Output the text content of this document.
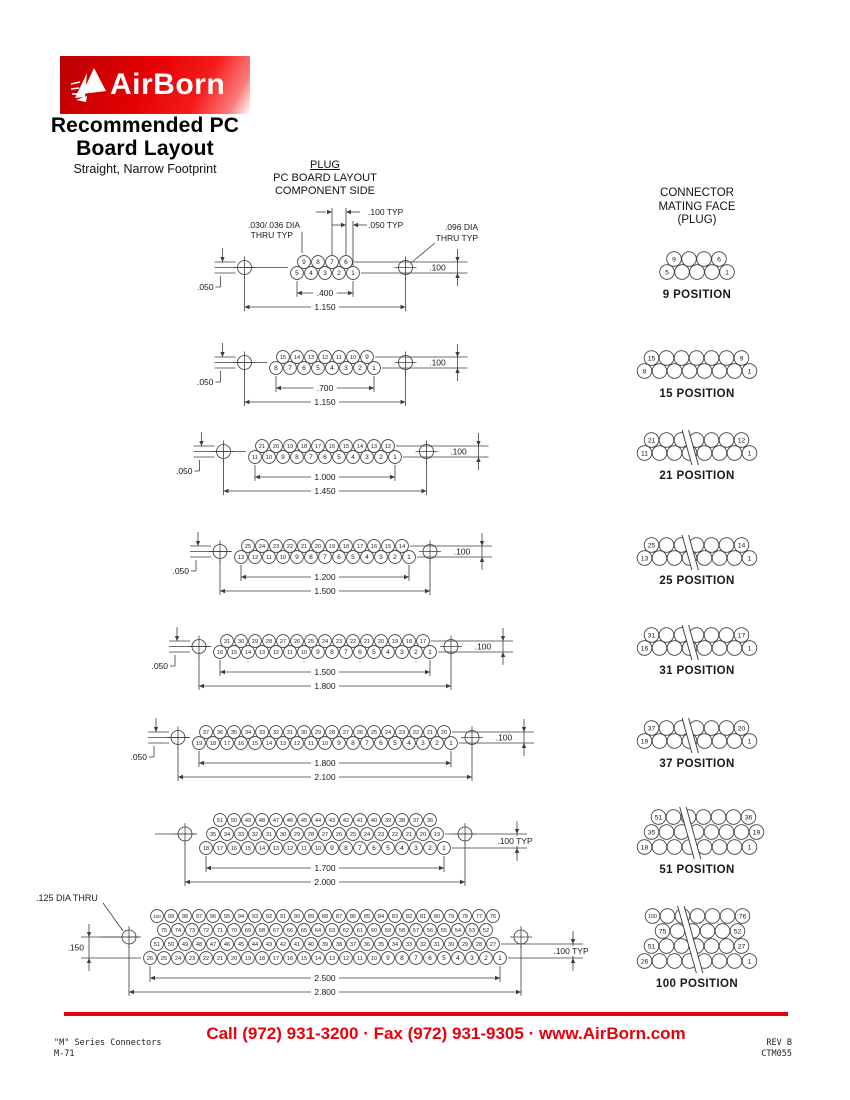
AirBorn
Recommended PC
Board Layout
Straight, Narrow Footprint	PLUG
PC BOARD LAYOUT
COMPONENT SIDE	CONNECTOR
MATING FACE
(PLUG)
9 8 7 6
5 4 3 2 1
.400
1.150
.100
.050
.100 TYP
.050 TYP
.030/.036 DIA
THRU TYP
.096 DIA
THRU TYP
15 14 13 12 11 10 9
8 7 6 5 4 3 2 1
.700
1.150
.100
.050
21 20 19 18 17 16 15 14 13 12
11 10 9 8 7 6 5 4 3 2 1
1.000
1.450
.100
.050
25 24 23 22 21 20 19 18 17 16 15 14
13 12 11 10 9 8 7 6 5 4 3 2 1
1.200
1.500
.100
.050
31 30 29 28 27 26 25 24 23 22 21 20 19 18 17
16 15 14 13 12 11 10 9 8 7 6 5 4 3 2 1
1.500
1.800
.100
.050
37 36 35 34 33 32 31 30 29 28 27 26 25 24 23 22 21 20
19 18 17 16 15 14 13 12 11 10 9 8 7 6 5 4 3 2 1
1.800
2.100
.100
.050
51 50 49 48 47 46 45 44 43 42 41 40 39 38 37 36
35 34 33 32 31 30 29 28 27 26 25 24 23 22 21 20 19
18 17 16 15 14 13 12 11 10 9 8 7 6 5 4 3 2 1
1.700
2.000
.100 TYP
100 99 98 97 96 95 94 93 92 91 90 89 88 87 86 85 84 83 82 81 80 79 78 77 76
75 74 73 72 71 70 69 68 67 66 65 64 63 62 61 60 59 58 57 56 55 54 53 52
51 50 49 48 47 46 45 44 43 42 41 40 39 38 37 36 35 34 33 32 31 30 29 28 27
26 25 24 23 22 21 20 19 18 17 16 15 14 13 12 11 10 9 8 7 6 5 4 3 2 1
2.500
2.800
.100 TYP
.150
.125 DIA THRU
9	6
5	1
9 POSITION
15	9
8	1
15 POSITION
21	12
11	1
21 POSITION
25	14
13	1
25 POSITION
31	17
16	1
31 POSITION
37	20
19	1
37 POSITION
51	36
35	19
18	1
51 POSITION
100	76
75	52
51	27
26	1
100 POSITION
Call (972) 931-3200 · Fax (972) 931-9305 · www.AirBorn.com
"M" Series Connectors
M-71
REV B
CTM055
